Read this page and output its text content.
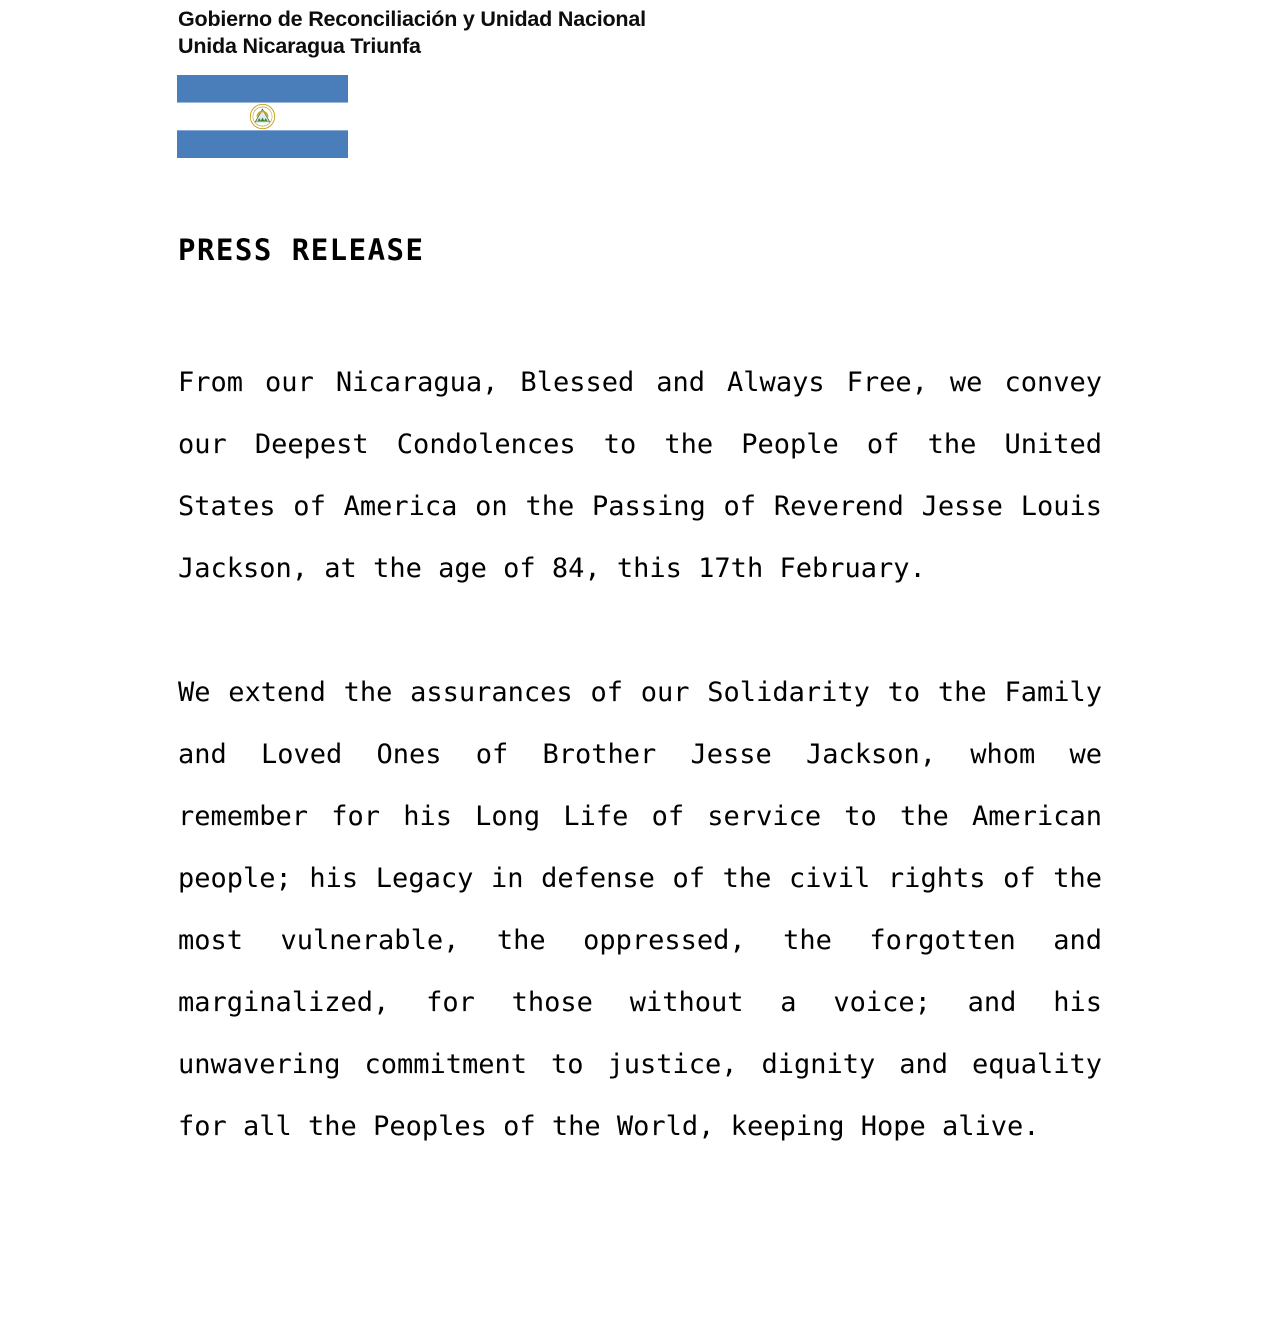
Gobierno de Reconciliación y Unidad Nacional
Unida Nicaragua Triunfa
PRESS RELEASE

From our Nicaragua, Blessed and Always Free, we convey our Deepest Condolences to the People of the United States of America on the Passing of Reverend Jesse Louis Jackson, at the age of 84, this 17th February.

We extend the assurances of our Solidarity to the Family and Loved Ones of Brother Jesse Jackson, whom we remember for his Long Life of service to the American people; his Legacy in defense of the civil rights of the most vulnerable, the oppressed, the forgotten and marginalized, for those without a voice; and his unwavering commitment to justice, dignity and equality for all the Peoples of the World, keeping Hope alive.
